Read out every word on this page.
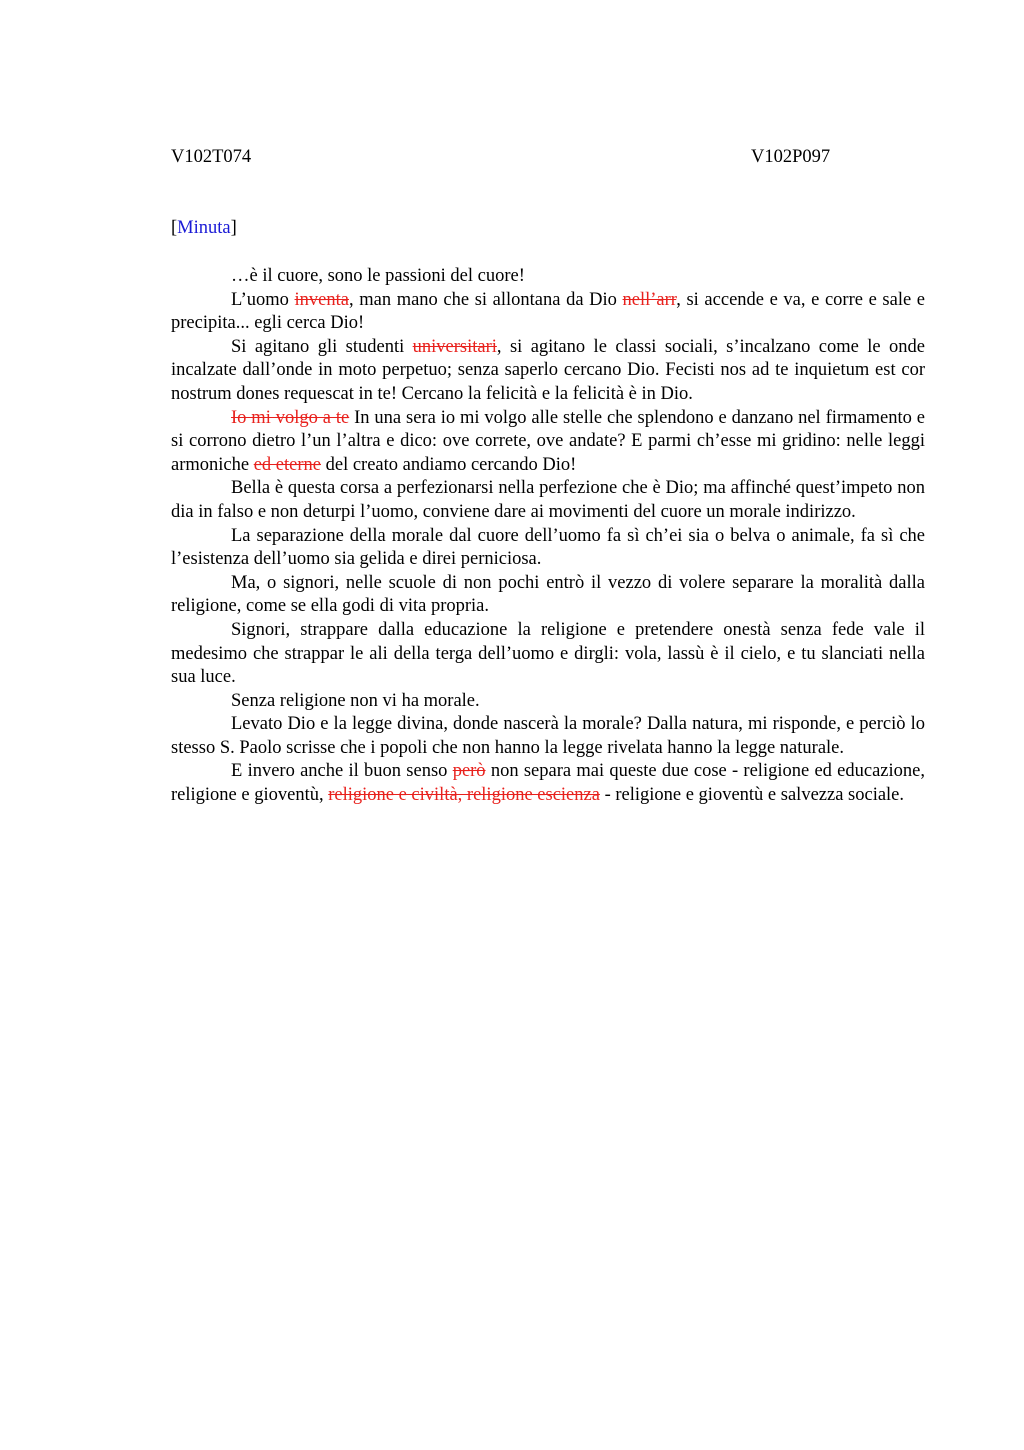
V102T074	V102P097
[Minuta]

…è il cuore, sono le passioni del cuore!

L’uomo inventa, man mano che si allontana da Dio nell’arr, si accende e va, e corre e sale e precipita... egli cerca Dio!

Si agitano gli studenti universitari, si agitano le classi sociali, s’incalzano come le onde incalzate dall’onde in moto perpetuo; senza saperlo cercano Dio. Fecisti nos ad te inquietum est cor nostrum dones requescat in te! Cercano la felicità e la felicità è in Dio.

Io mi volgo a te In una sera io mi volgo alle stelle che splendono e danzano nel firmamento e si corrono dietro l’un l’altra e dico: ove correte, ove andate? E parmi ch’esse mi gridino: nelle leggi armoniche ed eterne del creato andiamo cercando Dio!

Bella è questa corsa a perfezionarsi nella perfezione che è Dio; ma affinché quest’impeto non dia in falso e non deturpi l’uomo, conviene dare ai movimenti del cuore un morale indirizzo.

La separazione della morale dal cuore dell’uomo fa sì ch’ei sia o belva o animale, fa sì che l’esistenza dell’uomo sia gelida e direi perniciosa.

Ma, o signori, nelle scuole di non pochi entrò il vezzo di volere separare la moralità dalla religione, come se ella godi di vita propria.

Signori, strappare dalla educazione la religione e pretendere onestà senza fede vale il medesimo che strappar le ali della terga dell’uomo e dirgli: vola, lassù è il cielo, e tu slanciati nella sua luce.

Senza religione non vi ha morale.

Levato Dio e la legge divina, donde nascerà la morale? Dalla natura, mi risponde, e perciò lo stesso S. Paolo scrisse che i popoli che non hanno la legge rivelata hanno la legge naturale.

E invero anche il buon senso però non separa mai queste due cose - religione ed educazione, religione e gioventù, religione e civiltà, religione escienza - religione e gioventù e salvezza sociale.
